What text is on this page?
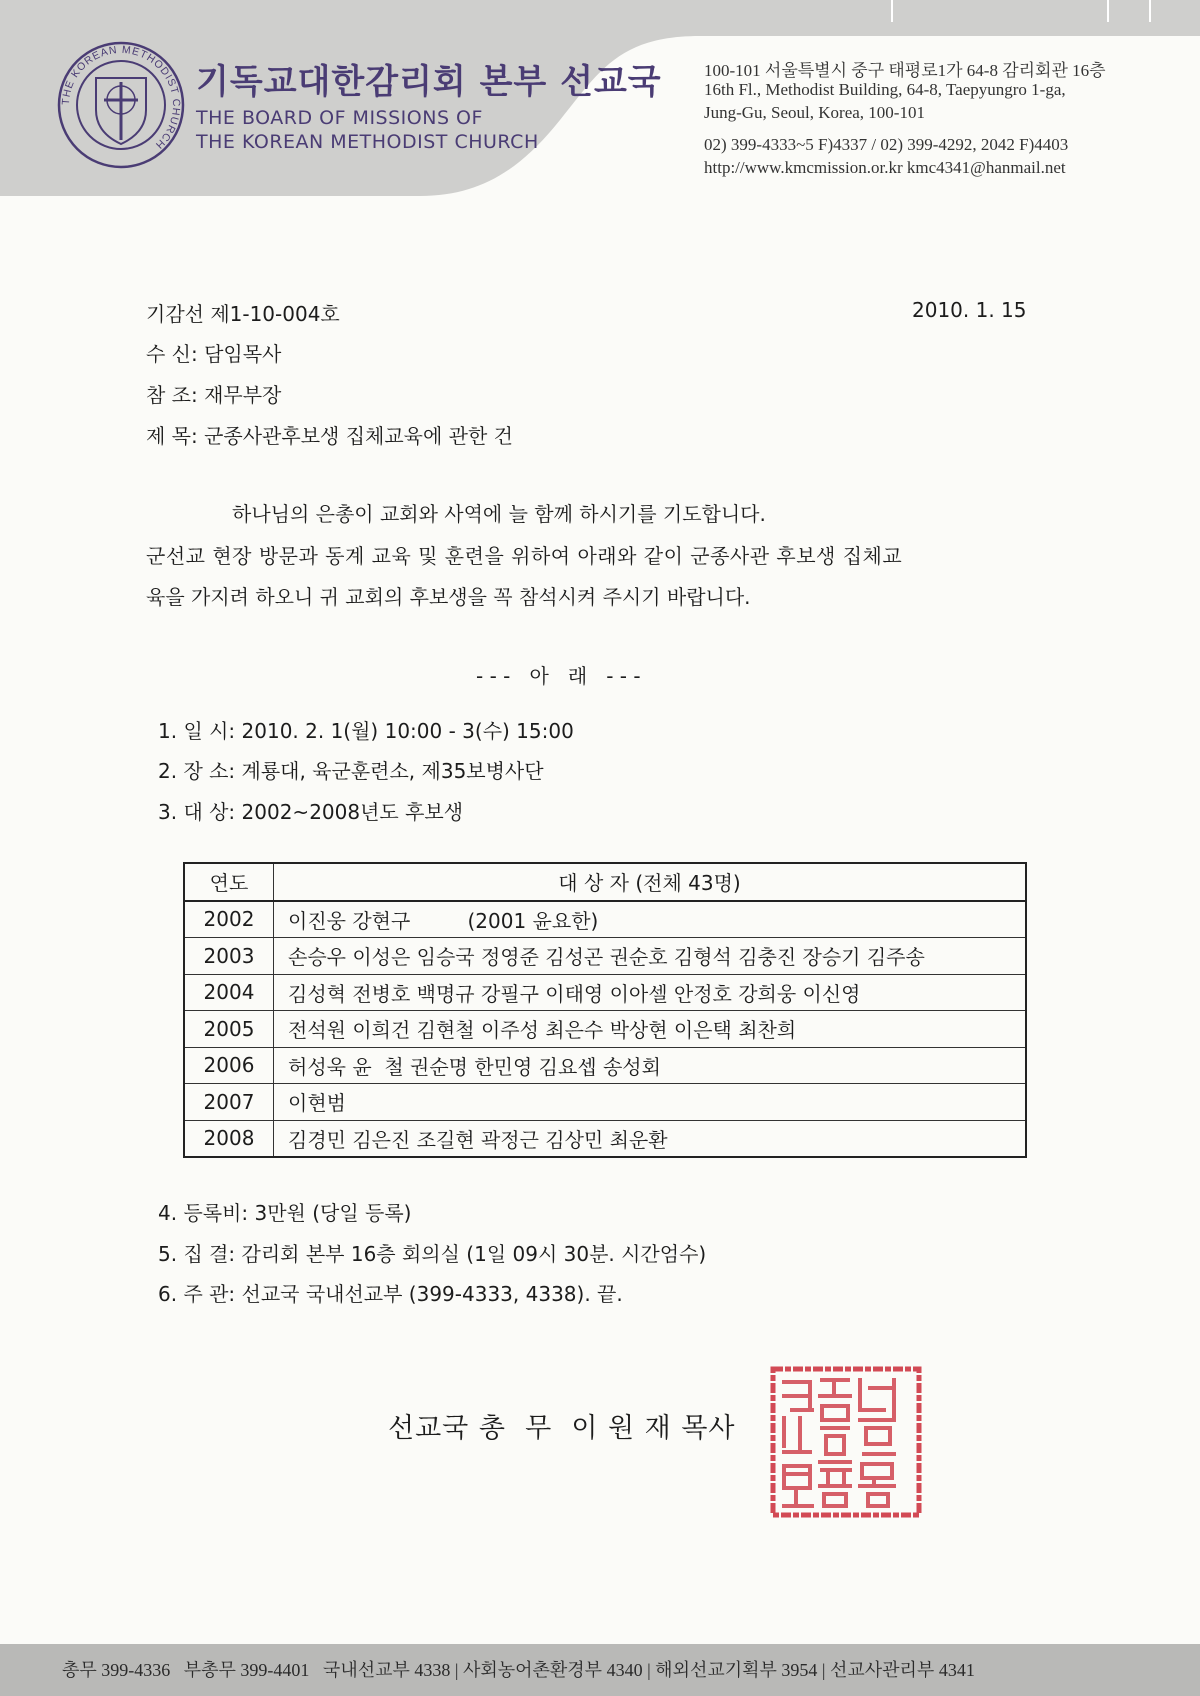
THE KOREAN METHODIST CHURCH
기독교대한감리회 본부 선교국
THE BOARD OF MISSIONS OF
THE KOREAN METHODIST CHURCH
100-101 서울특별시 중구 태평로1가 64-8 감리회관 16층
16th Fl., Methodist Building, 64-8, Taepyungro 1-ga,
Jung-Gu, Seoul, Korea, 100-101
02) 399-4333~5 F)4337 / 02) 399-4292, 2042 F)4403
http://www.kmcmission.or.kr kmc4341@hanmail.net
기감선 제1-10-004호	2010. 1. 15
수 신: 담임목사
참 조: 재무부장
제 목: 군종사관후보생 집체교육에 관한 건
하나님의 은총이 교회와 사역에 늘 함께 하시기를 기도합니다.
군선교 현장 방문과 동계 교육 및 훈련을 위하여 아래와 같이 군종사관 후보생 집체교
육을 가지려 하오니 귀 교회의 후보생을 꼭 참석시켜 주시기 바랍니다.
- - -   아   래   - - -
1. 일 시: 2010. 2. 1(월) 10:00 - 3(수) 15:00
2. 장 소: 계룡대, 육군훈련소, 제35보병사단
3. 대 상: 2002~2008년도 후보생
연도	대 상 자 (전체 43명)
2002	이진웅 강현구         (2001 윤요한)
2003	손승우 이성은 임승국 정영준 김성곤 권순호 김형석 김충진 장승기 김주송
2004	김성혁 전병호 백명규 강필구 이태영 이아셀 안정호 강희웅 이신영
2005	전석원 이희건 김현철 이주성 최은수 박상현 이은택 최찬희
2006	허성욱 윤  철 권순명 한민영 김요셉 송성회
2007	이현범
2008	김경민 김은진 조길현 곽정근 김상민 최운환
4. 등록비: 3만원 (당일 등록)
5. 집 결: 감리회 본부 16층 회의실 (1일 09시 30분. 시간엄수)
6. 주 관: 선교국 국내선교부 (399-4333, 4338). 끝.
선교국 총  무  이 원 재 목사
총무 399-4336   부총무 399-4401   국내선교부 4338 | 사회농어촌환경부 4340 | 해외선교기획부 3954 | 선교사관리부 4341
